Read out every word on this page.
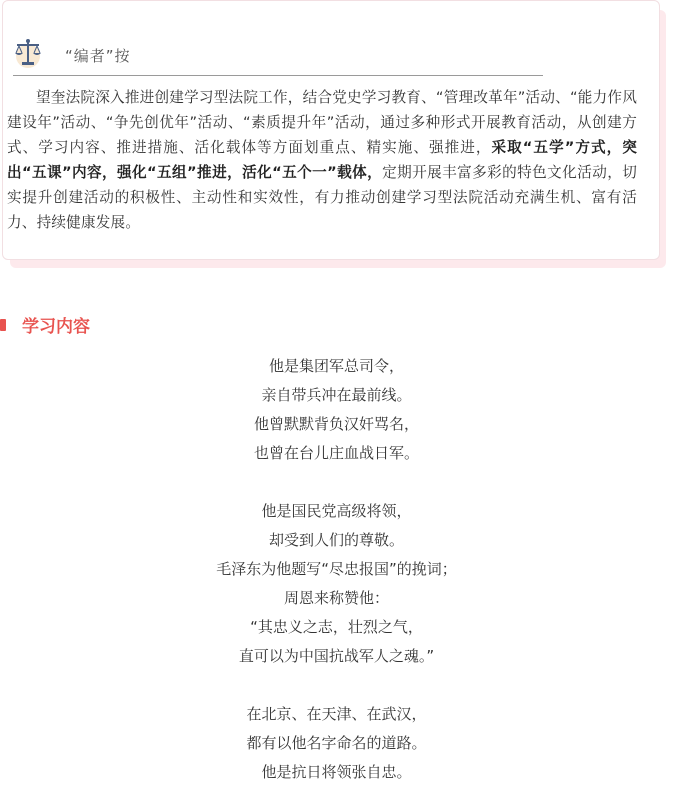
“编者”按
望奎法院深入推进创建学习型法院工作，结合党史学习教育、“管理改革年”活动、“能力作风建设年”活动、“争先创优年”活动、“素质提升年”活动，通过多种形式开展教育活动，从创建方式、学习内容、推进措施、活化载体等方面划重点、精实施、强推进，采取“五学”方式，突出“五课”内容，强化“五组”推进，活化“五个一”载体，定期开展丰富多彩的特色文化活动，切实提升创建活动的积极性、主动性和实效性，有力推动创建学习型法院活动充满生机、富有活力、持续健康发展。
学习内容
他是集团军总司令，
亲自带兵冲在最前线。
他曾默默背负汉奸骂名，
也曾在台儿庄血战日军。
他是国民党高级将领，
却受到人们的尊敬。
毛泽东为他题写“尽忠报国”的挽词；
周恩来称赞他：
“其忠义之志，壮烈之气，
直可以为中国抗战军人之魂。”
在北京、在天津、在武汉，
都有以他名字命名的道路。
他是抗日将领张自忠。
